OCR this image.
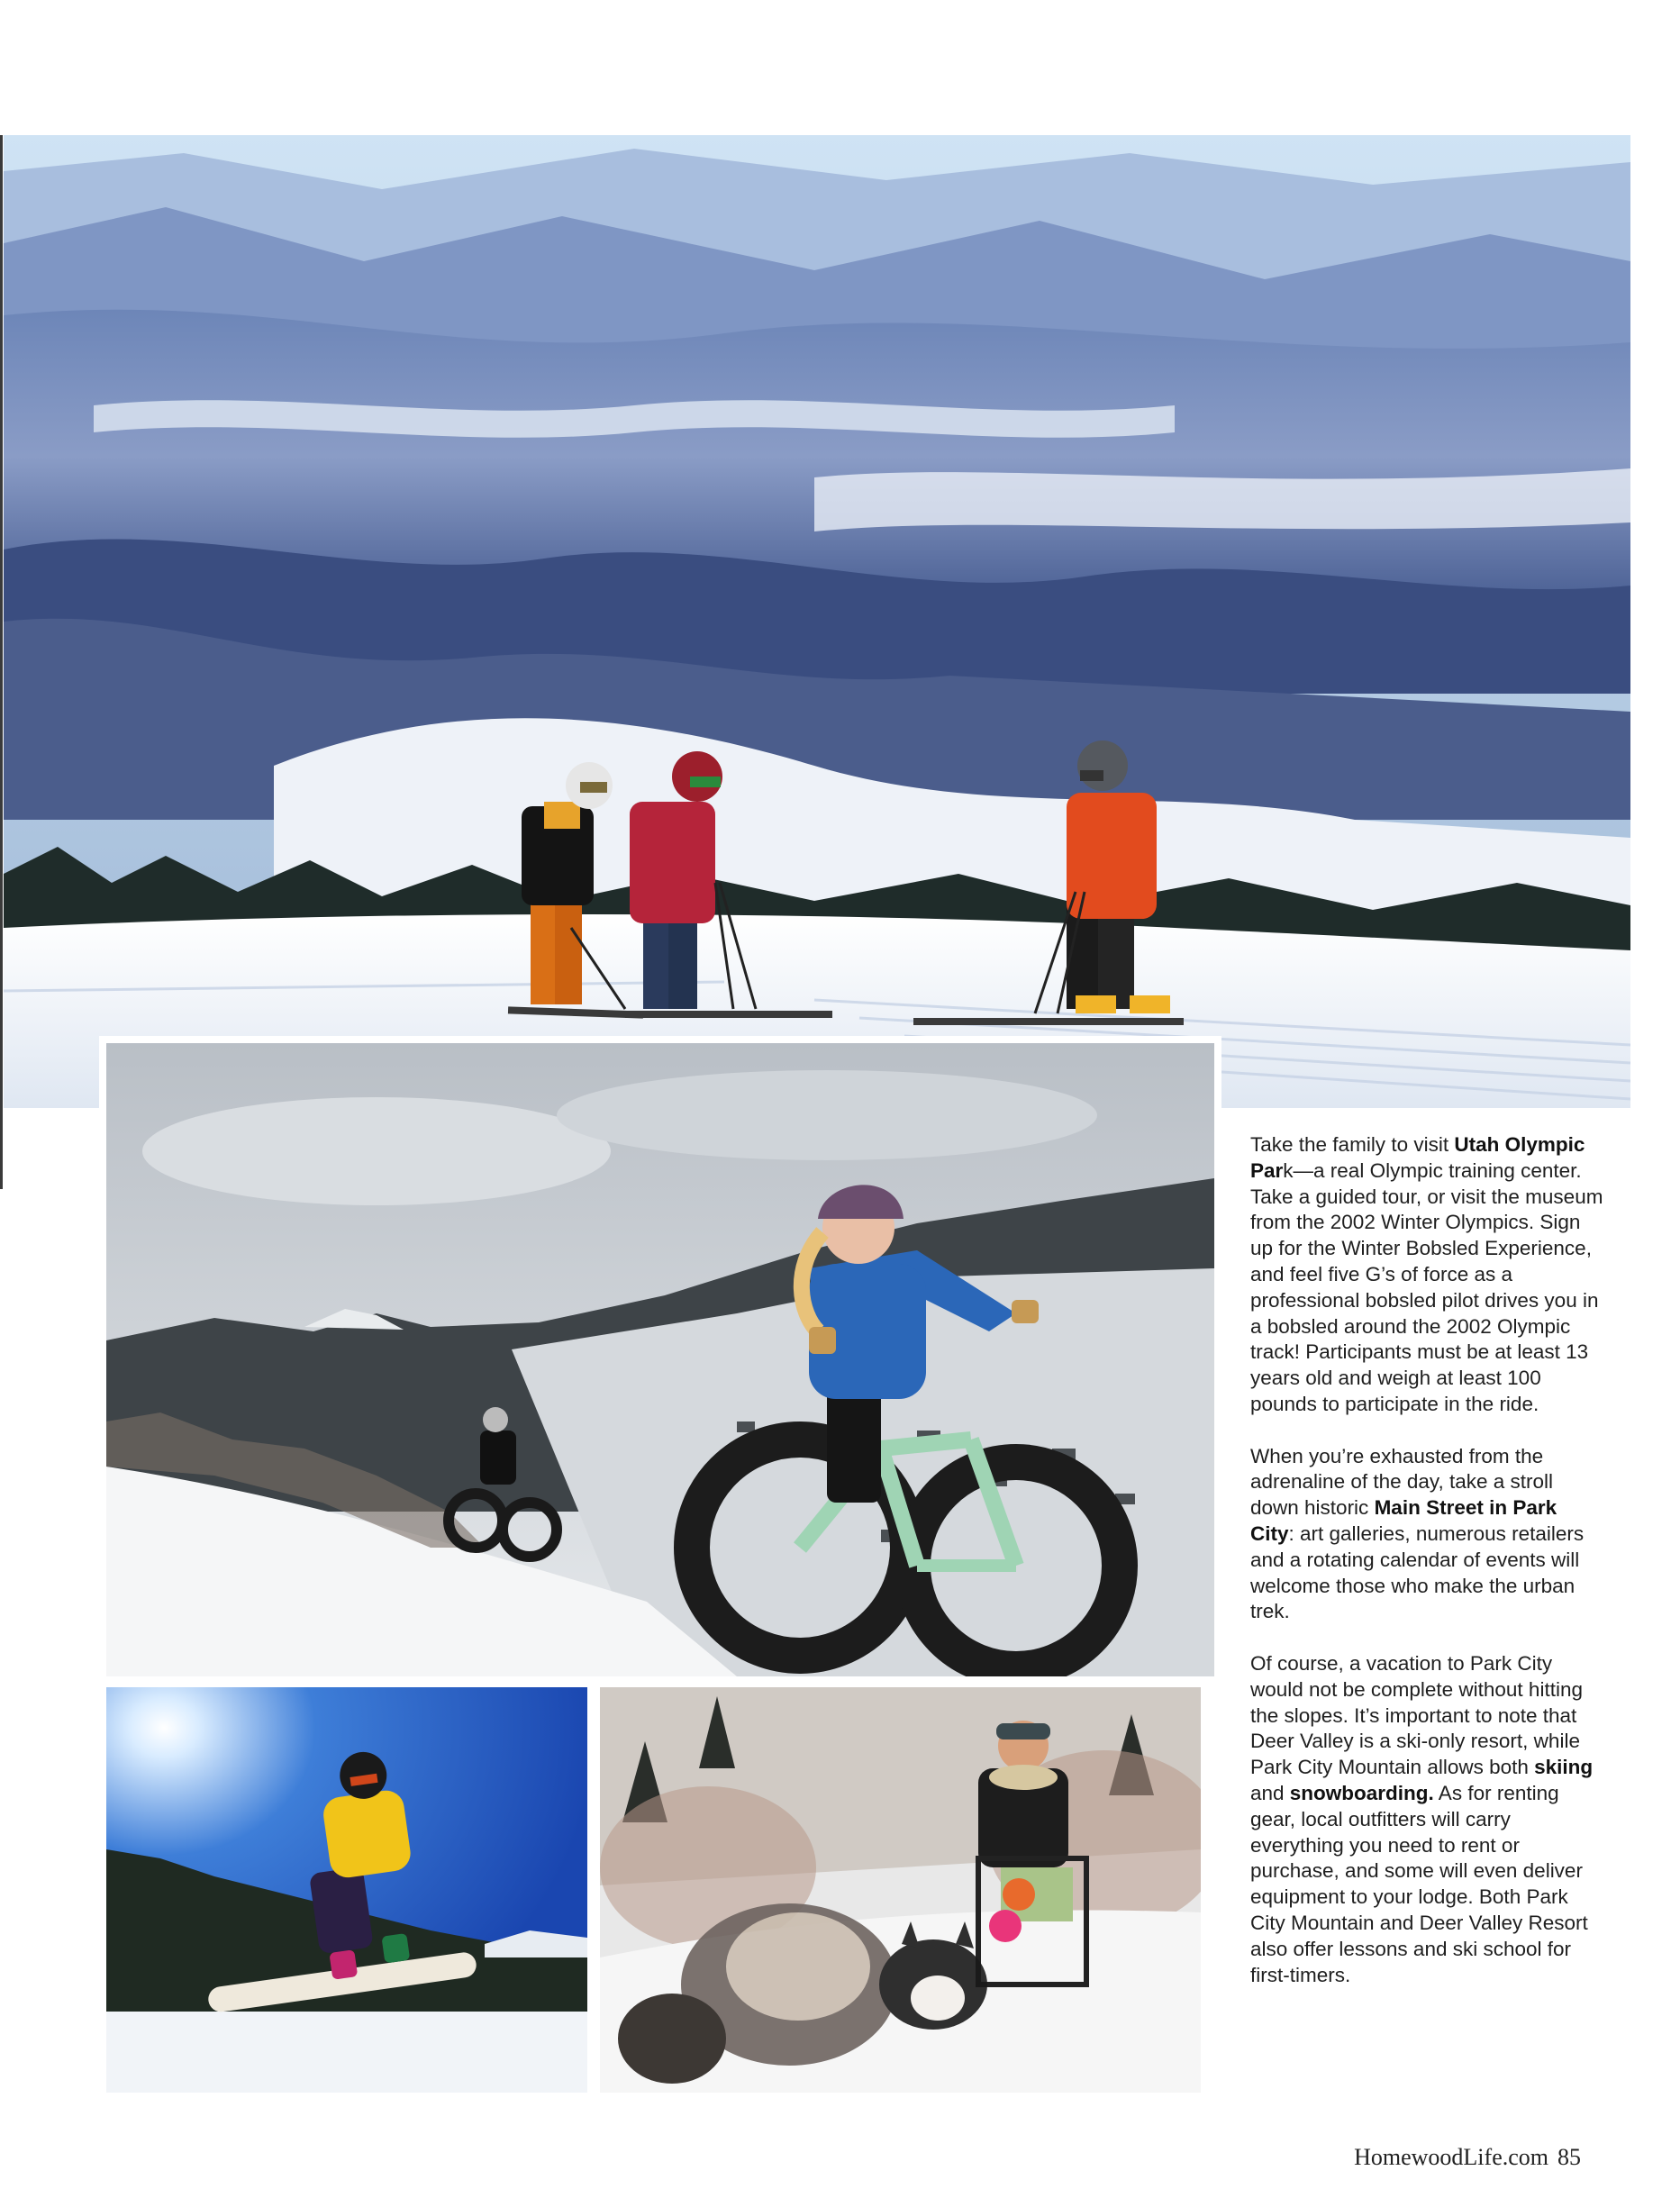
Take the family to visit Utah Olympic Park—a real Olympic training center. Take a guided tour, or visit the museum from the 2002 Winter Olympics. Sign up for the Winter Bobsled Experience, and feel five G’s of force as a professional bobsled pilot drives you in a bobsled around the 2002 Olympic track! Participants must be at least 13 years old and weigh at least 100 pounds to participate in the ride.

When you’re exhausted from the adrenaline of the day, take a stroll down historic Main Street in Park City: art galleries, numerous retailers and a rotating calendar of events will welcome those who make the urban trek.

Of course, a vacation to Park City would not be complete without hitting the slopes. It’s important to note that Deer Valley is a ski-only resort, while Park City Mountain allows both skiing and snowboarding. As for renting gear, local outfitters will carry everything you need to rent or purchase, and some will even deliver equipment to your lodge. Both Park City Mountain and Deer Valley Resort also offer lessons and ski school for first-timers.

HomewoodLife.com 85
